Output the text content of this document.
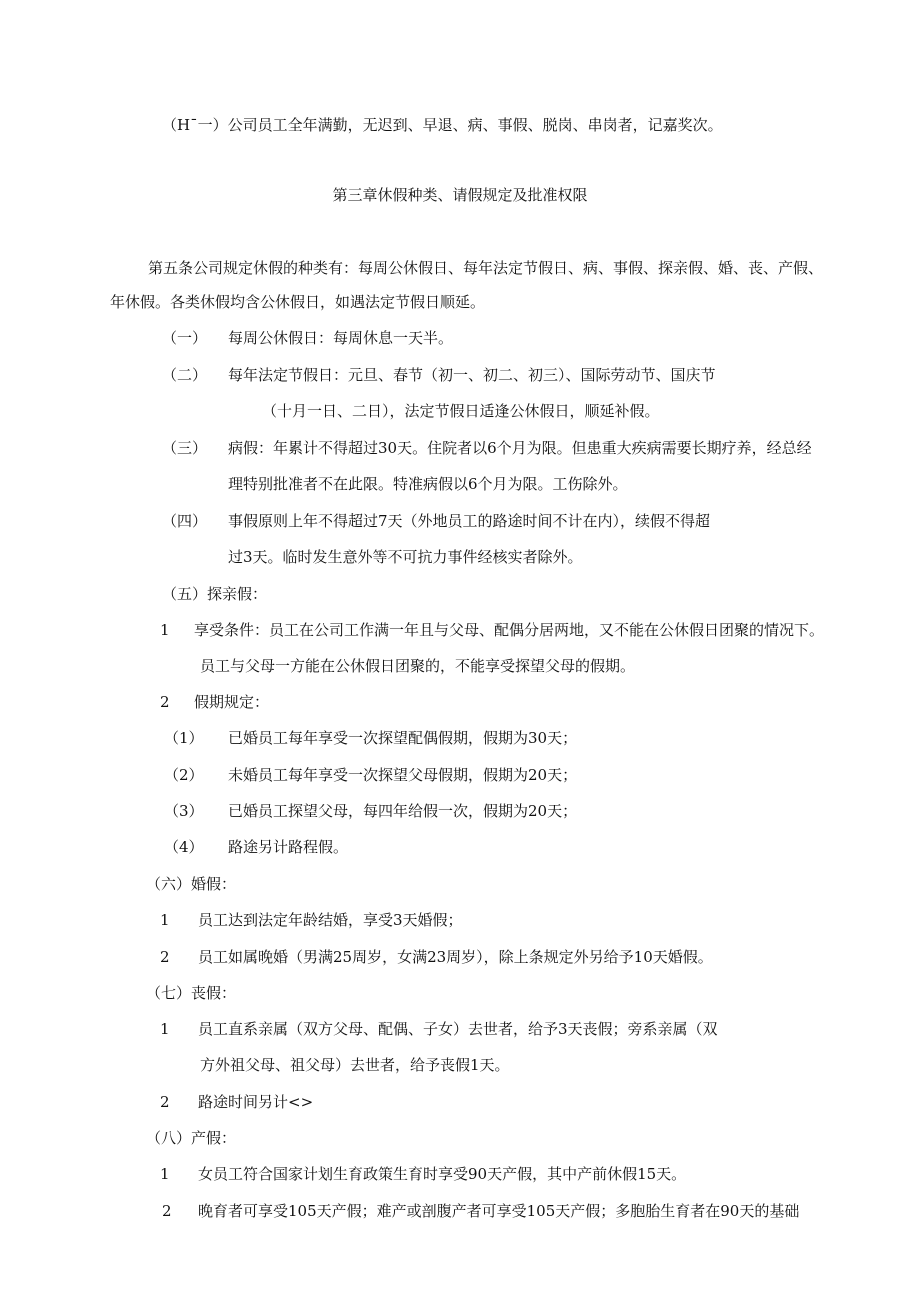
（H¯一）公司员工全年满勤，无迟到、早退、病、事假、脱岗、串岗者，记嘉奖次。
第三章休假种类、请假规定及批准权限
第五条公司规定休假的种类有：每周公休假日、每年法定节假日、病、事假、探亲假、婚、丧、产假、
年休假。各类休假均含公休假日，如遇法定节假日顺延。
（一） 每周公休假日：每周休息一天半。
（二） 每年法定节假日：元旦、春节（初一、初二、初三）、国际劳动节、国庆节
（十月一日、二日），法定节假日适逢公休假日，顺延补假。
（三） 病假：年累计不得超过30天。住院者以6个月为限。但患重大疾病需要长期疗养，经总经
理特别批准者不在此限。特准病假以6个月为限。工伤除外。
（四） 事假原则上年不得超过7天（外地员工的路途时间不计在内），续假不得超
过3天。临时发生意外等不可抗力事件经核实者除外。
（五）探亲假：
1 享受条件：员工在公司工作满一年且与父母、配偶分居两地，又不能在公休假日团聚的情况下。
员工与父母一方能在公休假日团聚的，不能享受探望父母的假期。
2 假期规定：
（1） 已婚员工每年享受一次探望配偶假期，假期为30天；
（2） 未婚员工每年享受一次探望父母假期，假期为20天；
（3） 已婚员工探望父母，每四年给假一次，假期为20天；
（4） 路途另计路程假。
（六）婚假：
1 员工达到法定年龄结婚，享受3天婚假；
2 员工如属晚婚（男满25周岁，女满23周岁），除上条规定外另给予10天婚假。
（七）丧假：
1 员工直系亲属（双方父母、配偶、子女）去世者，给予3天丧假；旁系亲属（双
方外祖父母、祖父母）去世者，给予丧假1天。
2 路途时间另计<>
（八）产假：
1 女员工符合国家计划生育政策生育时享受90天产假，其中产前休假15天。
2 晚育者可享受105天产假；难产或剖腹产者可享受105天产假；多胞胎生育者在90天的基础
